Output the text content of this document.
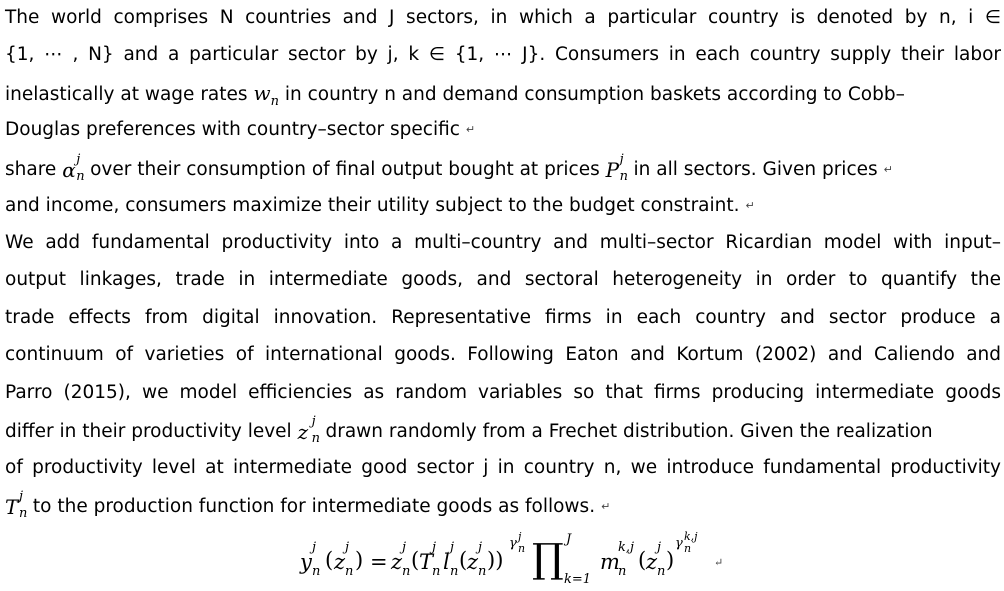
The world comprises N countries and J sectors, in which a particular country is denoted by n, i ∈
{1, ⋯ , N} and a particular sector by j, k ∈ {1, ⋯ J}. Consumers in each country supply their labor
inelastically at wage rates $w_n$ in country n and demand consumption baskets according to Cobb–
Douglas preferences with country–sector specific ↵
share α j
n over their consumption of final output bought at prices P j
n in all sectors. Given prices ↵
and income, consumers maximize their utility subject to the budget constraint. ↵
We add fundamental productivity into a multi–country and multi–sector Ricardian model with input–
output linkages, trade in intermediate goods, and sectoral heterogeneity in order to quantify the
trade effects from digital innovation. Representative firms in each country and sector produce a
continuum of varieties of international goods. Following Eaton and Kortum (2002) and Caliendo and
Parro (2015), we model efficiencies as random variables so that firms producing intermediate goods
differ in their productivity level z j
n drawn randomly from a Frechet distribution. Given the realization
of productivity level at intermediate good sector j in country n, we introduce fundamental productivity
T j
n to the production function for intermediate goods as follows. ↵
y
j
n ( z
j
n ) = z
j
n ( T
j
n l
j
n ( z
j
n ))
γ j
n ∏ J
k=1
m
k,j
n ( z
j
n )
γ k,j
n
↵
